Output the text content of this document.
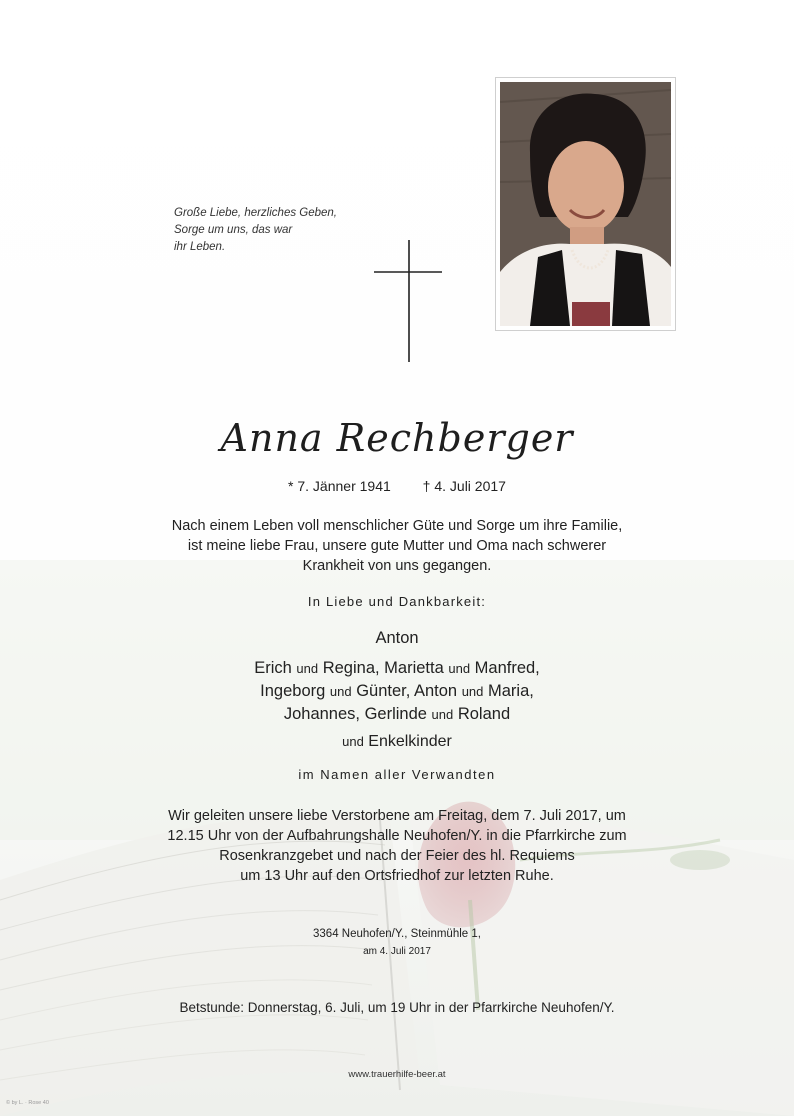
Große Liebe, herzliches Geben,
Sorge um uns, das war
ihr Leben.
Anna Rechberger
* 7. Jänner 1941 † 4. Juli 2017
Nach einem Leben voll menschlicher Güte und Sorge um ihre Familie,
ist meine liebe Frau, unsere gute Mutter und Oma nach schwerer
Krankheit von uns gegangen.
In Liebe und Dankbarkeit:
Anton
Erich und Regina, Marietta und Manfred,
Ingeborg und Günter, Anton und Maria,
Johannes, Gerlinde und Roland
und Enkelkinder
im Namen aller Verwandten
Wir geleiten unsere liebe Verstorbene am Freitag, dem 7. Juli 2017, um
12.15 Uhr von der Aufbahrungshalle Neuhofen/Y. in die Pfarrkirche zum
Rosenkranzgebet und nach der Feier des hl. Requiems
um 13 Uhr auf den Ortsfriedhof zur letzten Ruhe.
3364 Neuhofen/Y., Steinmühle 1,
am 4. Juli 2017
Betstunde: Donnerstag, 6. Juli, um 19 Uhr in der Pfarrkirche Neuhofen/Y.
www.trauerhilfe-beer.at
© by L. · Rose 40
